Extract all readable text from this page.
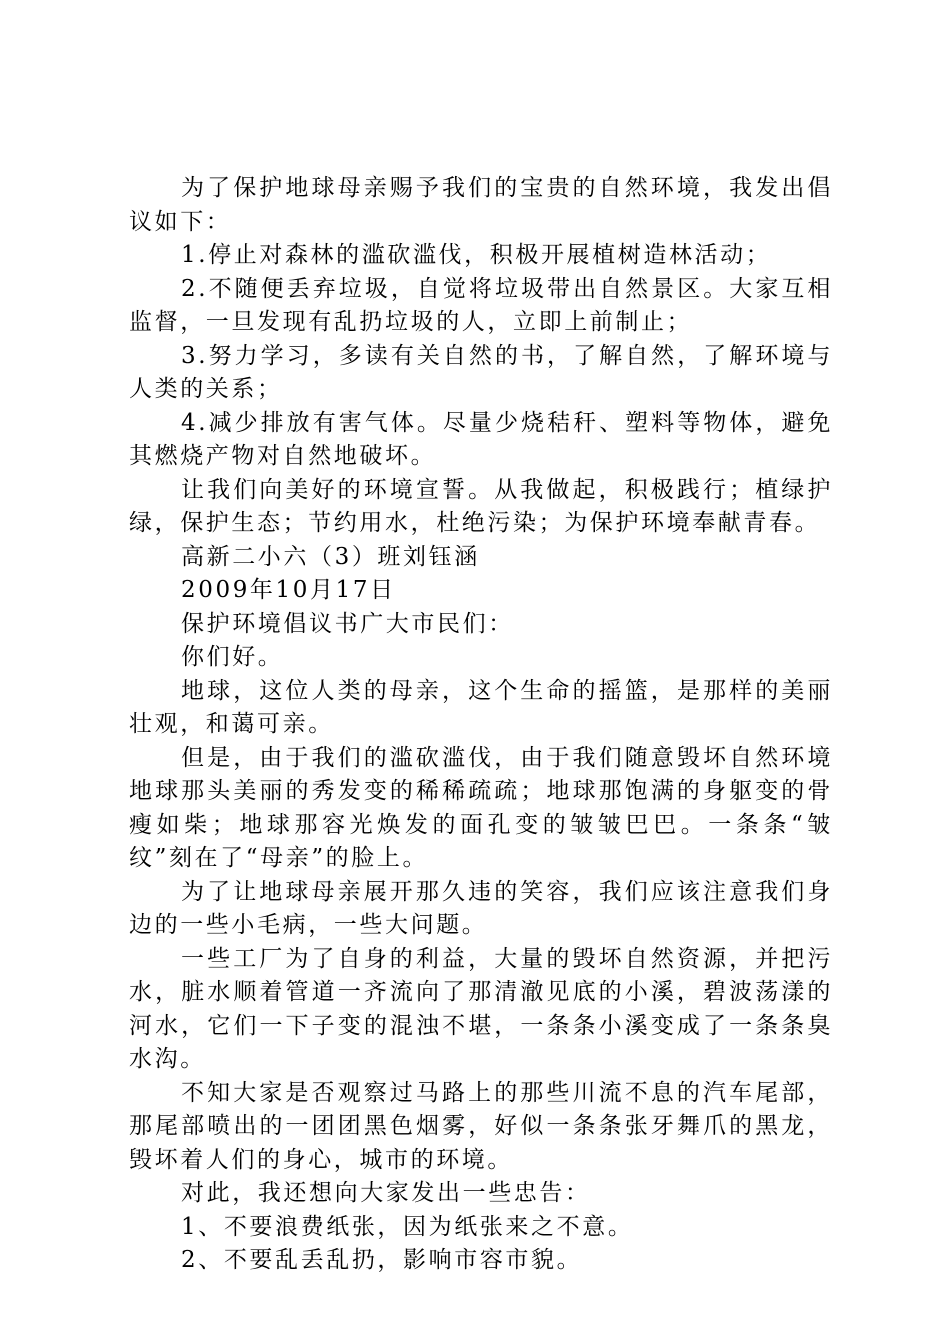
为了保护地球母亲赐予我们的宝贵的自然环境，我发出倡议如下：

1.停止对森林的滥砍滥伐，积极开展植树造林活动；

2.不随便丢弃垃圾，自觉将垃圾带出自然景区。大家互相监督，一旦发现有乱扔垃圾的人，立即上前制止；

3.努力学习，多读有关自然的书，了解自然，了解环境与人类的关系；

4.减少排放有害气体。尽量少烧秸秆、塑料等物体，避免其燃烧产物对自然地破坏。

让我们向美好的环境宣誓。从我做起，积极践行；植绿护绿，保护生态；节约用水，杜绝污染；为保护环境奉献青春。

高新二小六（3）班刘钰涵

2009年10月17日

保护环境倡议书广大市民们：

你们好。

地球，这位人类的母亲，这个生命的摇篮，是那样的美丽壮观，和蔼可亲。

但是，由于我们的滥砍滥伐，由于我们随意毁坏自然环境地球那头美丽的秀发变的稀稀疏疏；地球那饱满的身躯变的骨瘦如柴；地球那容光焕发的面孔变的皱皱巴巴。一条条“皱纹”刻在了“母亲”的脸上。

为了让地球母亲展开那久违的笑容，我们应该注意我们身边的一些小毛病，一些大问题。

一些工厂为了自身的利益，大量的毁坏自然资源，并把污水，脏水顺着管道一齐流向了那清澈见底的小溪，碧波荡漾的河水，它们一下子变的混浊不堪，一条条小溪变成了一条条臭水沟。

不知大家是否观察过马路上的那些川流不息的汽车尾部，那尾部喷出的一团团黑色烟雾，好似一条条张牙舞爪的黑龙，毁坏着人们的身心，城市的环境。

对此，我还想向大家发出一些忠告：

1、不要浪费纸张，因为纸张来之不意。

2、不要乱丢乱扔，影响市容市貌。
